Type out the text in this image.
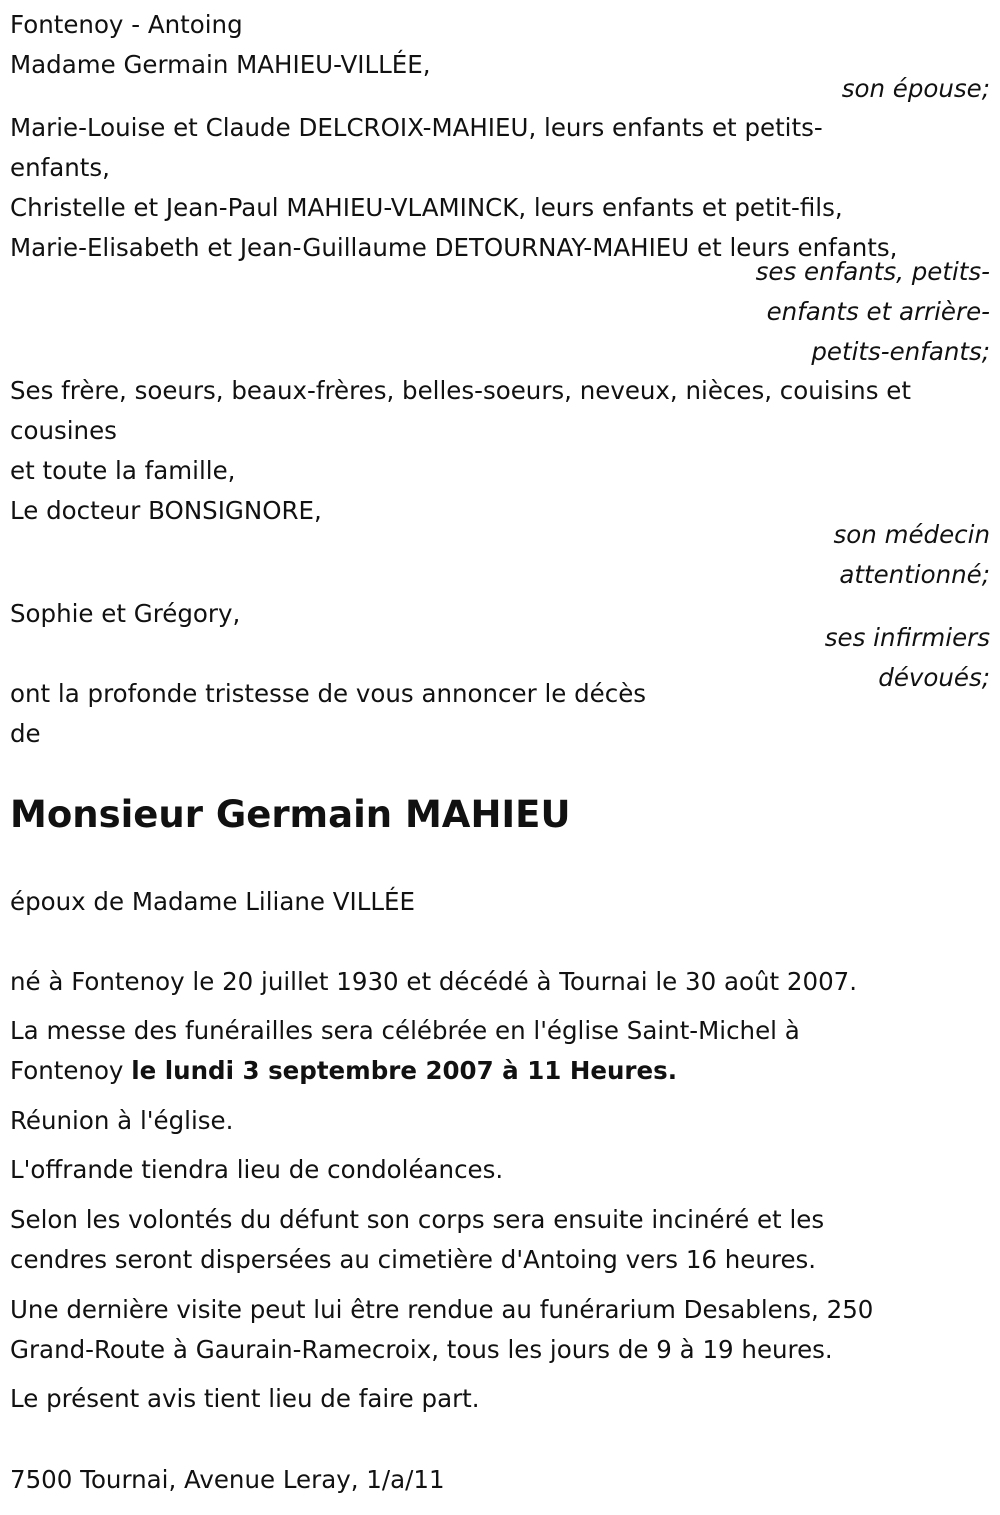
Fontenoy - Antoing
Madame Germain MAHIEU-VILLÉE,
son épouse;
Marie-Louise et Claude DELCROIX-MAHIEU, leurs enfants et petits-
enfants,
Christelle et Jean-Paul MAHIEU-VLAMINCK, leurs enfants et petit-fils,
Marie-Elisabeth et Jean-Guillaume DETOURNAY-MAHIEU et leurs enfants,
ses enfants, petits-
enfants et arrière-
petits-enfants;
Ses frère, soeurs, beaux-frères, belles-soeurs, neveux, nièces, couisins et
cousines
et toute la famille,
Le docteur BONSIGNORE,
son médecin
attentionné;
Sophie et Grégory,
ses infirmiers
dévoués;
ont la profonde tristesse de vous annoncer le décès
de
Monsieur Germain MAHIEU
époux de Madame Liliane VILLÉE
né à Fontenoy le 20 juillet 1930 et décédé à Tournai le 30 août 2007.
La messe des funérailles sera célébrée en l'église Saint-Michel à
Fontenoy le lundi 3 septembre 2007 à 11 Heures.
Réunion à l'église.
L'offrande tiendra lieu de condoléances.
Selon les volontés du défunt son corps sera ensuite incinéré et les
cendres seront dispersées au cimetière d'Antoing vers 16 heures.
Une dernière visite peut lui être rendue au funérarium Desablens, 250
Grand-Route à Gaurain-Ramecroix, tous les jours de 9 à 19 heures.
Le présent avis tient lieu de faire part.
7500 Tournai, Avenue Leray, 1/a/11
